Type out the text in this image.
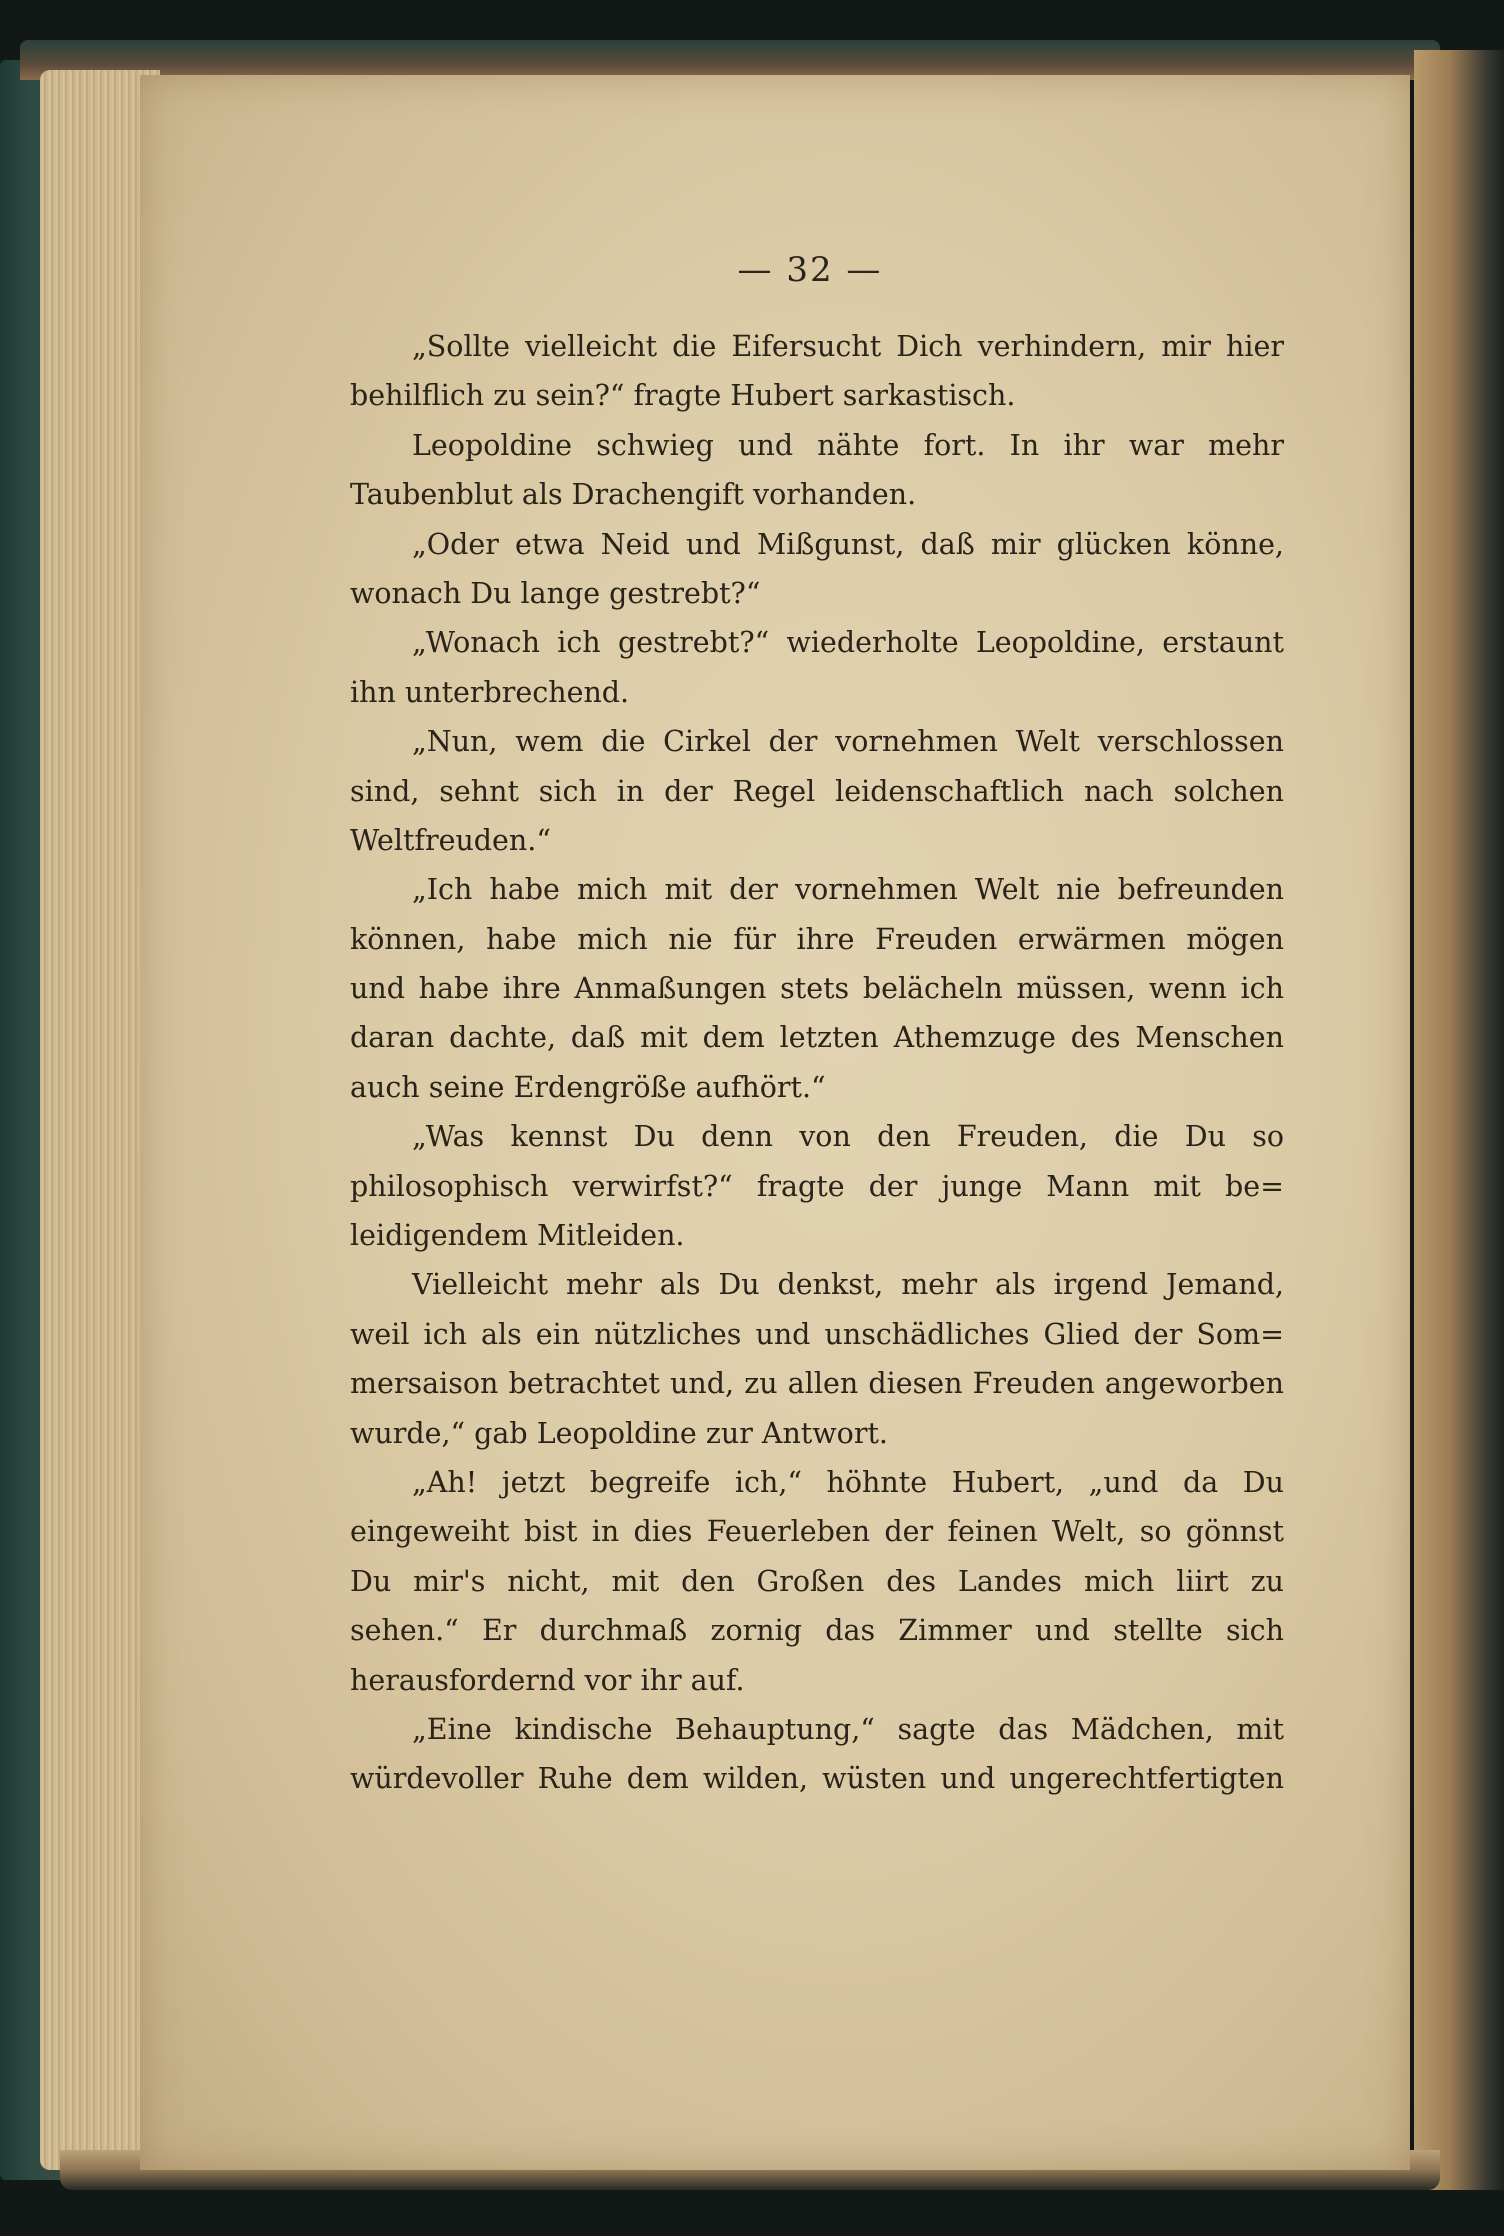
— 32 —
„Sollte vielleicht die Eifersucht Dich verhindern, mir hier
behilflich zu sein?“ fragte Hubert sarkastisch.
Leopoldine schwieg und nähte fort. In ihr war mehr
Taubenblut als Drachengift vorhanden.
„Oder etwa Neid und Mißgunst, daß mir glücken könne,
wonach Du lange gestrebt?“
„Wonach ich gestrebt?“ wiederholte Leopoldine, erstaunt
ihn unterbrechend.
„Nun, wem die Cirkel der vornehmen Welt verschlossen
sind, sehnt sich in der Regel leidenschaftlich nach solchen
Weltfreuden.“
„Ich habe mich mit der vornehmen Welt nie befreunden
können, habe mich nie für ihre Freuden erwärmen mögen
und habe ihre Anmaßungen stets belächeln müssen, wenn ich
daran dachte, daß mit dem letzten Athemzuge des Menschen
auch seine Erdengröße aufhört.“
„Was kennst Du denn von den Freuden, die Du so
philosophisch verwirfst?“ fragte der junge Mann mit be=
leidigendem Mitleiden.
Vielleicht mehr als Du denkst, mehr als irgend Jemand,
weil ich als ein nützliches und unschädliches Glied der Som=
mersaison betrachtet und, zu allen diesen Freuden angeworben
wurde,“ gab Leopoldine zur Antwort.
„Ah! jetzt begreife ich,“ höhnte Hubert, „und da Du
eingeweiht bist in dies Feuerleben der feinen Welt, so gönnst
Du mir's nicht, mit den Großen des Landes mich liirt zu
sehen.“ Er durchmaß zornig das Zimmer und stellte sich
herausfordernd vor ihr auf.
„Eine kindische Behauptung,“ sagte das Mädchen, mit
würdevoller Ruhe dem wilden, wüsten und ungerechtfertigten
